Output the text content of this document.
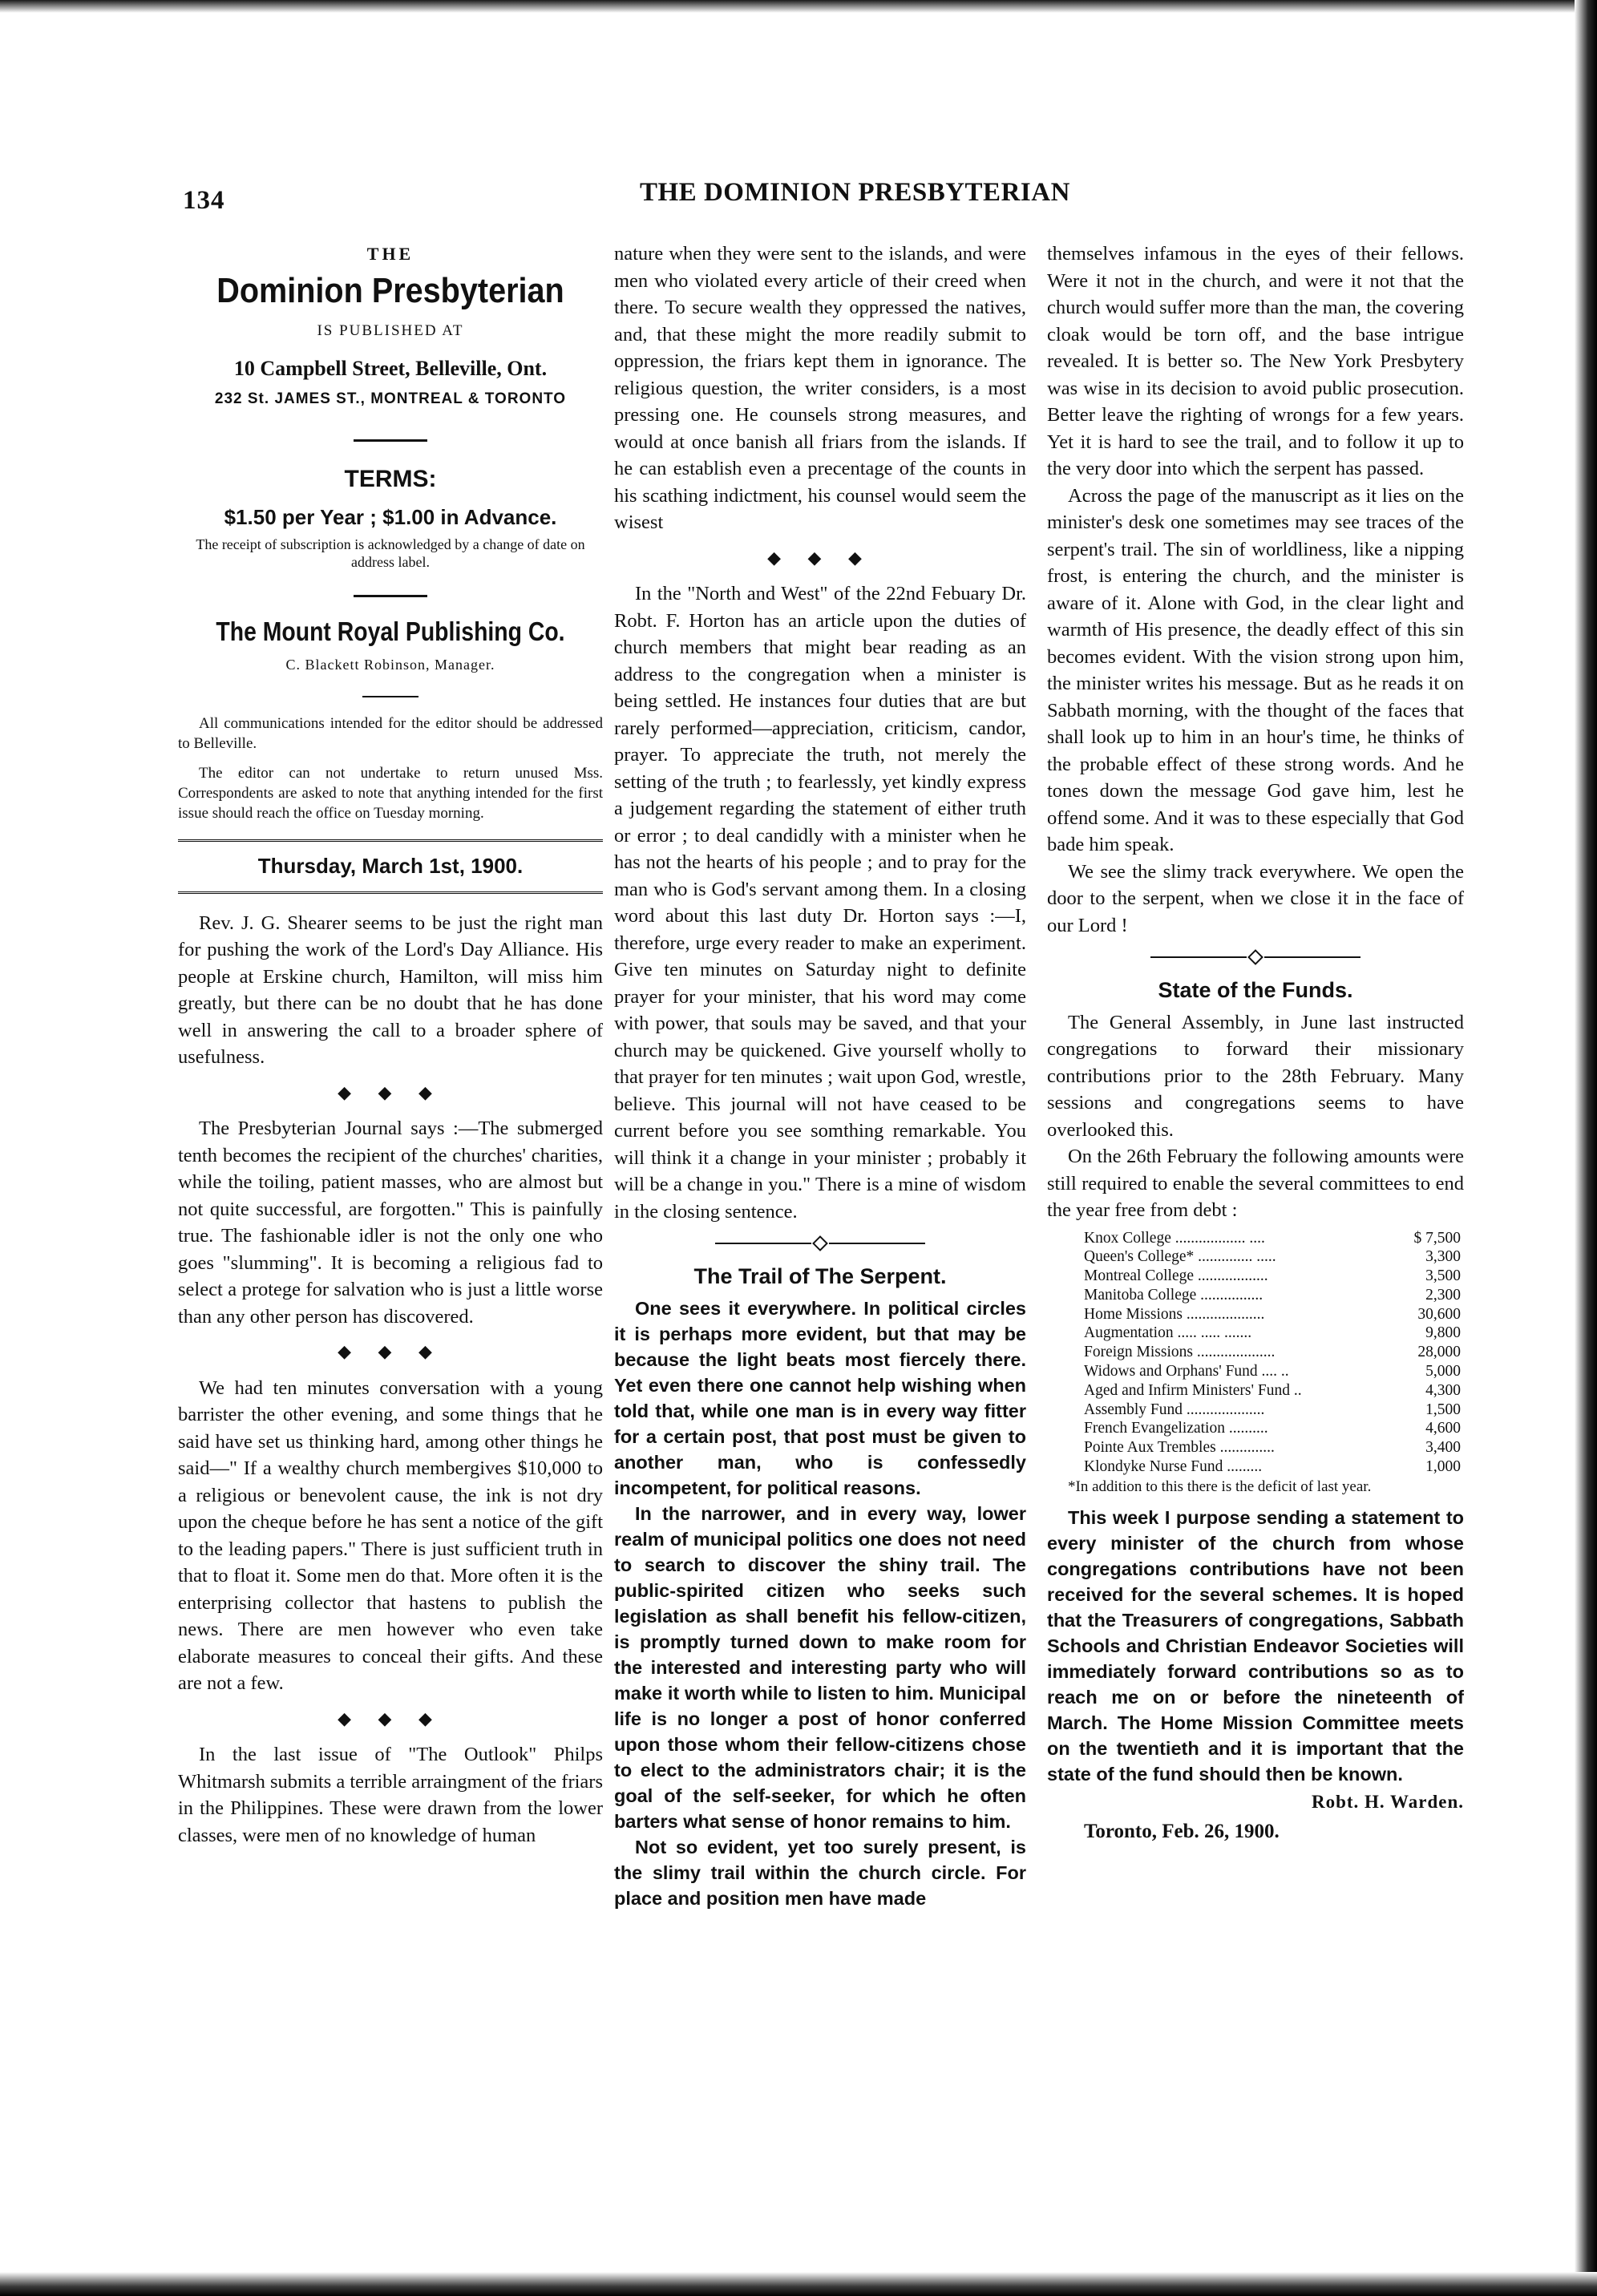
134	THE DOMINION PRESBYTERIAN
THE
Dominion Presbyterian
IS PUBLISHED AT
10 Campbell Street, Belleville, Ont.
232 St. JAMES ST., MONTREAL & TORONTO
TERMS:
$1.50 per Year ; $1.00 in Advance.
The receipt of subscription is acknowledged by a change of date on address label.
The Mount Royal Publishing Co.
C. Blackett Robinson, Manager.

All communications intended for the editor should be addressed to Belleville.

The editor can not undertake to return unused Mss. Correspondents are asked to note that anything intended for the first issue should reach the office on Tuesday morning.

Thursday, March 1st, 1900.

Rev. J. G. Shearer seems to be just the right man for pushing the work of the Lord's Day Alliance. His people at Erskine church, Hamilton, will miss him greatly, but there can be no doubt that he has done well in answering the call to a broader sphere of usefulness.

◆ ◆ ◆

The Presbyterian Journal says :—The submerged tenth becomes the recipient of the churches' charities, while the toiling, patient masses, who are almost but not quite successful, are forgotten." This is painfully true. The fashionable idler is not the only one who goes "slumming". It is becoming a religious fad to select a protege for salvation who is just a little worse than any other person has discovered.

◆ ◆ ◆

We had ten minutes conversation with a young barrister the other evening, and some things that he said have set us thinking hard, among other things he said—" If a wealthy church membergives $10,000 to a religious or benevolent cause, the ink is not dry upon the cheque before he has sent a notice of the gift to the leading papers." There is just sufficient truth in that to float it. Some men do that. More often it is the enterprising collector that hastens to publish the news. There are men however who even take elaborate measures to conceal their gifts. And these are not a few.

◆ ◆ ◆

In the last issue of "The Outlook" Philps Whitmarsh submits a terrible arraingment of the friars in the Philippines. These were drawn from the lower classes, were men of no knowledge of human

nature when they were sent to the islands, and were men who violated every article of their creed when there. To secure wealth they oppressed the natives, and, that these might the more readily submit to oppression, the friars kept them in ignorance. The religious question, the writer considers, is a most pressing one. He counsels strong measures, and would at once banish all friars from the islands. If he can establish even a precentage of the counts in his scathing indictment, his counsel would seem the wisest

◆ ◆ ◆

In the "North and West" of the 22nd Febuary Dr. Robt. F. Horton has an article upon the duties of church members that might bear reading as an address to the congregation when a minister is being settled. He instances four duties that are but rarely performed—appreciation, criticism, candor, prayer. To appreciate the truth, not merely the setting of the truth ; to fearlessly, yet kindly express a judgement regarding the statement of either truth or error ; to deal candidly with a minister when he has not the hearts of his people ; and to pray for the man who is God's servant among them. In a closing word about this last duty Dr. Horton says :—I, therefore, urge every reader to make an experiment. Give ten minutes on Saturday night to definite prayer for your minister, that his word may come with power, that souls may be saved, and that your church may be quickened. Give yourself wholly to that prayer for ten minutes ; wait upon God, wrestle, believe. This journal will not have ceased to be current before you see somthing remarkable. You will think it a change in your minister ; probably it will be a change in you." There is a mine of wisdom in the closing sentence.

The Trail of The Serpent.

One sees it everywhere. In political circles it is perhaps more evident, but that may be because the light beats most fiercely there. Yet even there one cannot help wishing when told that, while one man is in every way fitter for a certain post, that post must be given to another man, who is confessedly incompetent, for political reasons.

In the narrower, and in every way, lower realm of municipal politics one does not need to search to discover the shiny trail. The public-spirited citizen who seeks such legislation as shall benefit his fellow-citizen, is promptly turned down to make room for the interested and interesting party who will make it worth while to listen to him. Municipal life is no longer a post of honor conferred upon those whom their fellow-citizens chose to elect to the administrators chair; it is the goal of the self-seeker, for which he often barters what sense of honor remains to him.

Not so evident, yet too surely present, is the slimy trail within the church circle. For place and position men have made

themselves infamous in the eyes of their fellows. Were it not in the church, and were it not that the church would suffer more than the man, the covering cloak would be torn off, and the base intrigue revealed. It is better so. The New York Presbytery was wise in its decision to avoid public prosecution. Better leave the righting of wrongs for a few years. Yet it is hard to see the trail, and to follow it up to the very door into which the serpent has passed.

Across the page of the manuscript as it lies on the minister's desk one sometimes may see traces of the serpent's trail. The sin of worldliness, like a nipping frost, is entering the church, and the minister is aware of it. Alone with God, in the clear light and warmth of His presence, the deadly effect of this sin becomes evident. With the vision strong upon him, the minister writes his message. But as he reads it on Sabbath morning, with the thought of the faces that shall look up to him in an hour's time, he thinks of the probable effect of these strong words. And he tones down the message God gave him, lest he offend some. And it was to these especially that God bade him speak.

We see the slimy track everywhere. We open the door to the serpent, when we close it in the face of our Lord !

State of the Funds.

The General Assembly, in June last instructed congregations to forward their missionary contributions prior to the 28th February. Many sessions and congregations seems to have overlooked this.

On the 26th February the following amounts were still required to enable the several committees to end the year free from debt :

Knox College .................. ....	$ 7,500
Queen's College* .............. .....	3,300
Montreal College ..................	3,500
Manitoba College ................	2,300
Home Missions ....................	30,600
Augmentation ..... ..... .......	9,800
Foreign Missions ....................	28,000
Widows and Orphans' Fund .... ..	5,000
Aged and Infirm Ministers' Fund ..	4,300
Assembly Fund ....................	1,500
French Evangelization ..........	4,600
Pointe Aux Trembles ..............	3,400
Klondyke Nurse Fund .........	1,000

*In addition to this there is the deficit of last year.

This week I purpose sending a statement to every minister of the church from whose congregations contributions have not been received for the several schemes. It is hoped that the Treasurers of congregations, Sabbath Schools and Christian Endeavor Societies will immediately forward contributions so as to reach me on or before the nineteenth of March. The Home Mission Committee meets on the twentieth and it is important that the state of the fund should then be known.

Robt. H. Warden.
Toronto, Feb. 26, 1900.
